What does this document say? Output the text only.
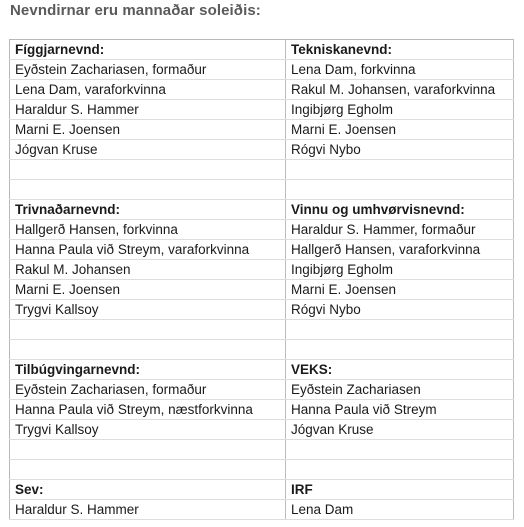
Nevndirnar eru mannaðar soleiðis:
Fíggjarnevnd:	Tekniskanevnd:
Eyðstein Zachariasen, formaður	Lena Dam, forkvinna
Lena Dam, varaforkvinna	Rakul M. Johansen, varaforkvinna
Haraldur S. Hammer	Ingibjørg Egholm
Marni E. Joensen	Marni E. Joensen
Jógvan Kruse	Rógvi Nybo

Trivnaðarnevnd:	Vinnu og umhvørvisnevnd:
Hallgerð Hansen, forkvinna	Haraldur S. Hammer, formaður
Hanna Paula við Streym, varaforkvinna	Hallgerð Hansen, varaforkvinna
Rakul M. Johansen	Ingibjørg Egholm
Marni E. Joensen	Marni E. Joensen
Trygvi Kallsoy	Rógvi Nybo

Tilbúgvingarnevnd:	VEKS:
Eyðstein Zachariasen, formaður	Eyðstein Zachariasen
Hanna Paula við Streym, næstforkvinna	Hanna Paula við Streym
Trygvi Kallsoy	Jógvan Kruse

Sev:	IRF
Haraldur S. Hammer	Lena Dam
